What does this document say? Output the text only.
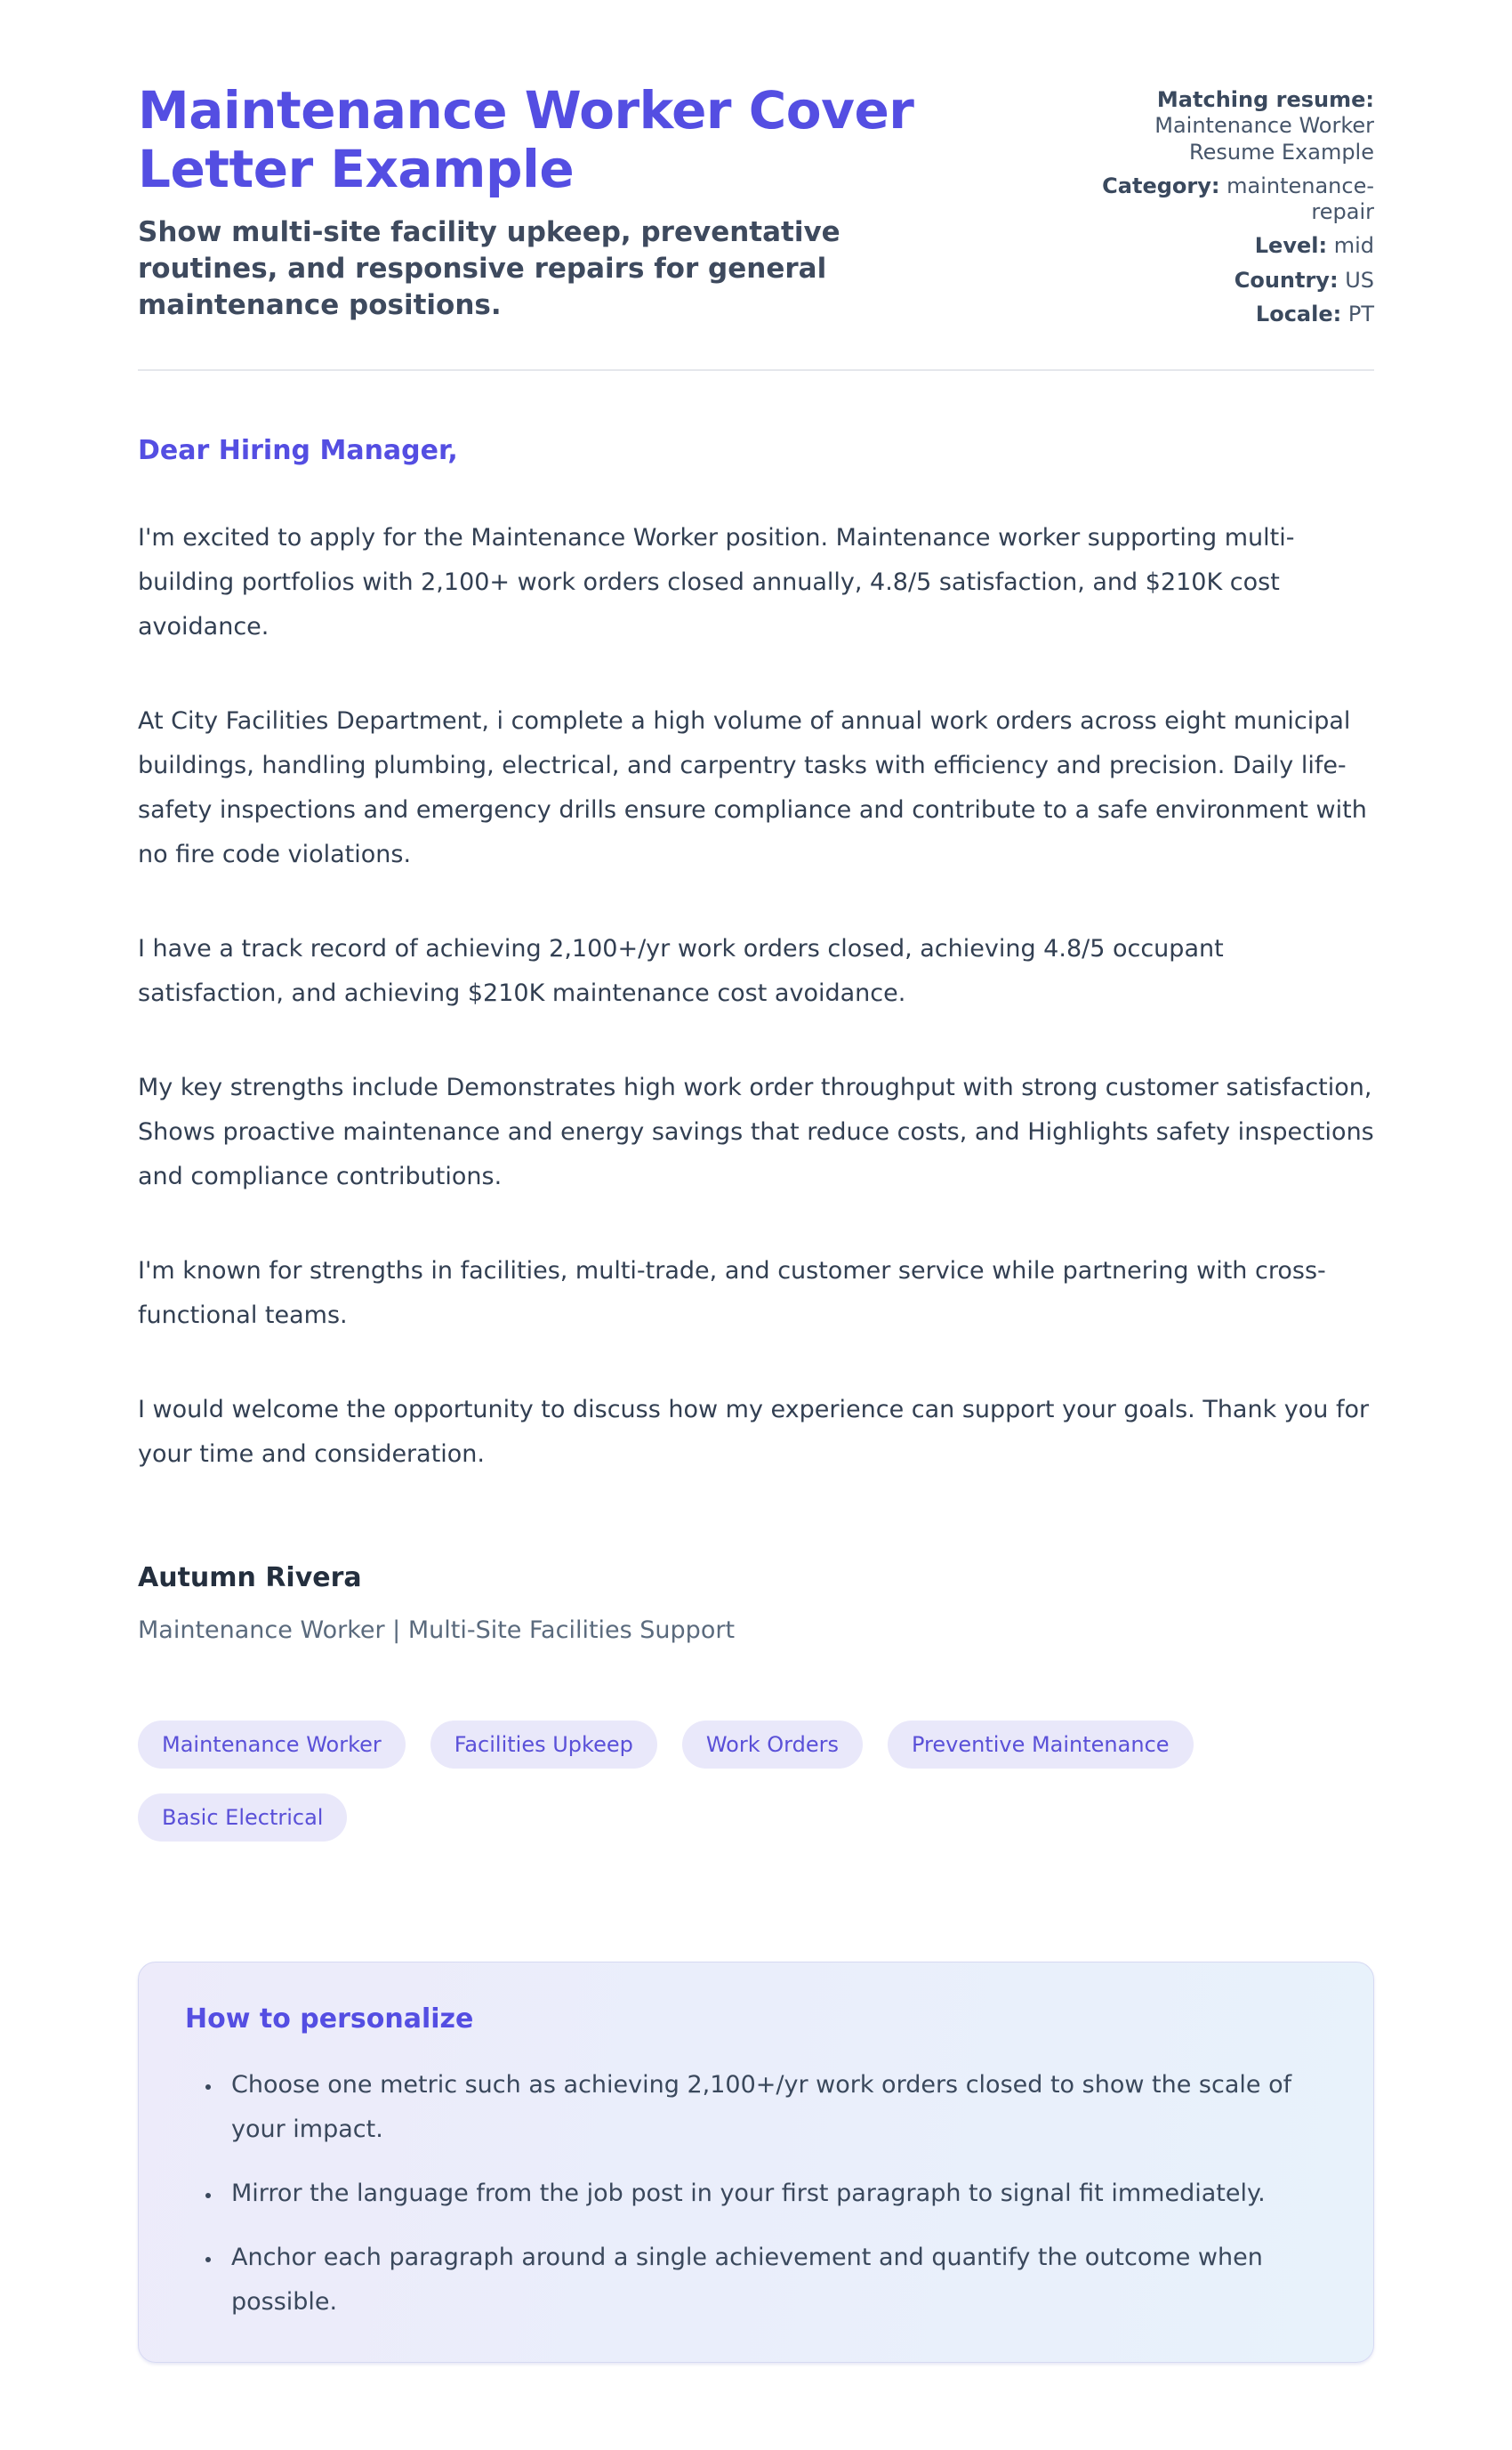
Maintenance Worker Cover Letter Example

Show multi-site facility upkeep, preventative routines, and responsive repairs for general maintenance positions.

Matching resume: Maintenance Worker Resume Example
Category: maintenance-repair
Level: mid
Country: US
Locale: PT

Dear Hiring Manager,

I'm excited to apply for the Maintenance Worker position. Maintenance worker supporting multi-building portfolios with 2,100+ work orders closed annually, 4.8/5 satisfaction, and $210K cost avoidance.

At City Facilities Department, i complete a high volume of annual work orders across eight municipal buildings, handling plumbing, electrical, and carpentry tasks with efficiency and precision. Daily life-safety inspections and emergency drills ensure compliance and contribute to a safe environment with no fire code violations.

I have a track record of achieving 2,100+/yr work orders closed, achieving 4.8/5 occupant satisfaction, and achieving $210K maintenance cost avoidance.

My key strengths include Demonstrates high work order throughput with strong customer satisfaction, Shows proactive maintenance and energy savings that reduce costs, and Highlights safety inspections and compliance contributions.

I'm known for strengths in facilities, multi-trade, and customer service while partnering with cross-functional teams.

I would welcome the opportunity to discuss how my experience can support your goals. Thank you for your time and consideration.

Autumn Rivera
Maintenance Worker | Multi-Site Facilities Support
Maintenance Worker	Facilities Upkeep	Work Orders	Preventive Maintenance
Basic Electrical
How to personalize
• Choose one metric such as achieving 2,100+/yr work orders closed to show the scale of your impact.
• Mirror the language from the job post in your first paragraph to signal fit immediately.
• Anchor each paragraph around a single achievement and quantify the outcome when possible.
